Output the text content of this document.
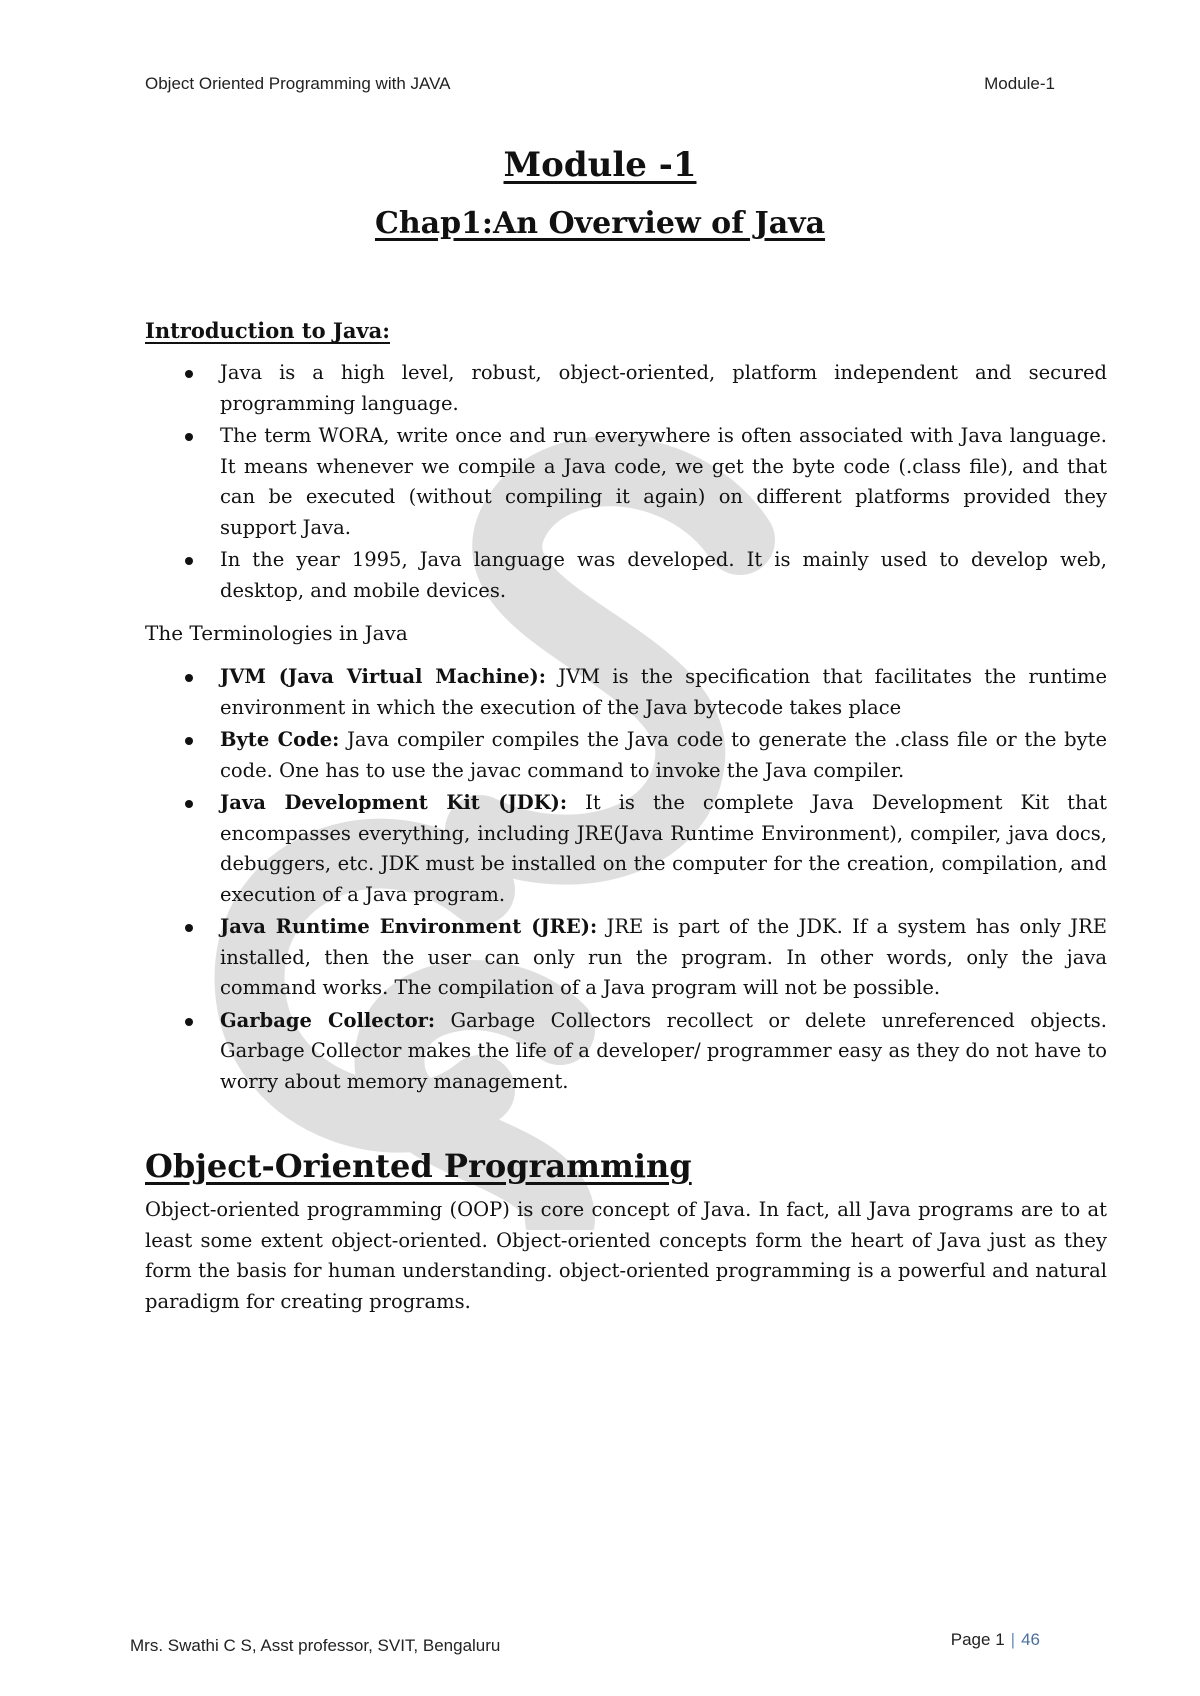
Object Oriented Programming with JAVA	Module-1
Module -1
Chap1:An Overview of Java
Introduction to Java:
Java is a high level, robust, object-oriented, platform independent and secured programming language.
The term WORA, write once and run everywhere is often associated with Java language. It means whenever we compile a Java code, we get the byte code (.class file), and that can be executed (without compiling it again) on different platforms provided they support Java.
In the year 1995, Java language was developed. It is mainly used to develop web, desktop, and mobile devices.
The Terminologies in Java
JVM (Java Virtual Machine): JVM is the specification that facilitates the runtime environment in which the execution of the Java bytecode takes place
Byte Code: Java compiler compiles the Java code to generate the .class file or the byte code. One has to use the javac command to invoke the Java compiler.
Java Development Kit (JDK): It is the complete Java Development Kit that encompasses everything, including JRE(Java Runtime Environment), compiler, java docs, debuggers, etc. JDK must be installed on the computer for the creation, compilation, and execution of a Java program.
Java Runtime Environment (JRE): JRE is part of the JDK. If a system has only JRE installed, then the user can only run the program. In other words, only the java command works. The compilation of a Java program will not be possible.
Garbage Collector: Garbage Collectors recollect or delete unreferenced objects. Garbage Collector makes the life of a developer/ programmer easy as they do not have to worry about memory management.
Object-Oriented Programming

Object-oriented programming (OOP) is core concept of Java. In fact, all Java programs are to at least some extent object-oriented. Object-oriented concepts form the heart of Java just as they form the basis for human understanding. object-oriented programming is a powerful and natural paradigm for creating programs.

Mrs. Swathi C S, Asst professor, SVIT, Bengaluru	Page 1 | 46
